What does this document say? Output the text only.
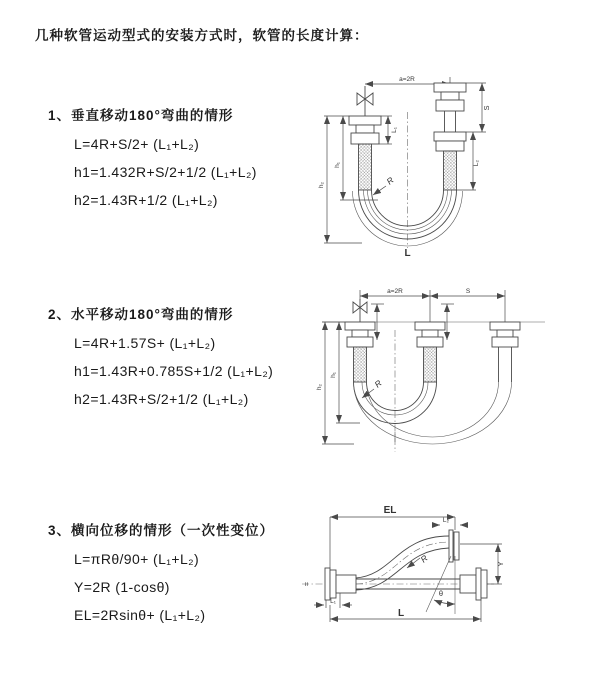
几种软管运动型式的安装方式时，软管的长度计算：
1、垂直移动180°弯曲的情形
L=4R+S/2+ (L₁+L₂)
h1=1.432R+S/2+1/2 (L₁+L₂)
h2=1.43R+1/2 (L₁+L₂)
2、水平移动180°弯曲的情形
L=4R+1.57S+ (L₁+L₂)
h1=1.43R+0.785S+1/2 (L₁+L₂)
h2=1.43R+S/2+1/2 (L₁+L₂)
3、横向位移的情形（一次性变位）
L=πRθ/90+ (L₁+L₂)
Y=2R (1-cosθ)
EL=2Rsinθ+ (L₁+L₂)
a=2R
h₂
h₁
L₁
S
L₂
R
L
a=2R	S
h₂
h₁
R
≈
EL
L₂
Y
θ
R
L₁
L
